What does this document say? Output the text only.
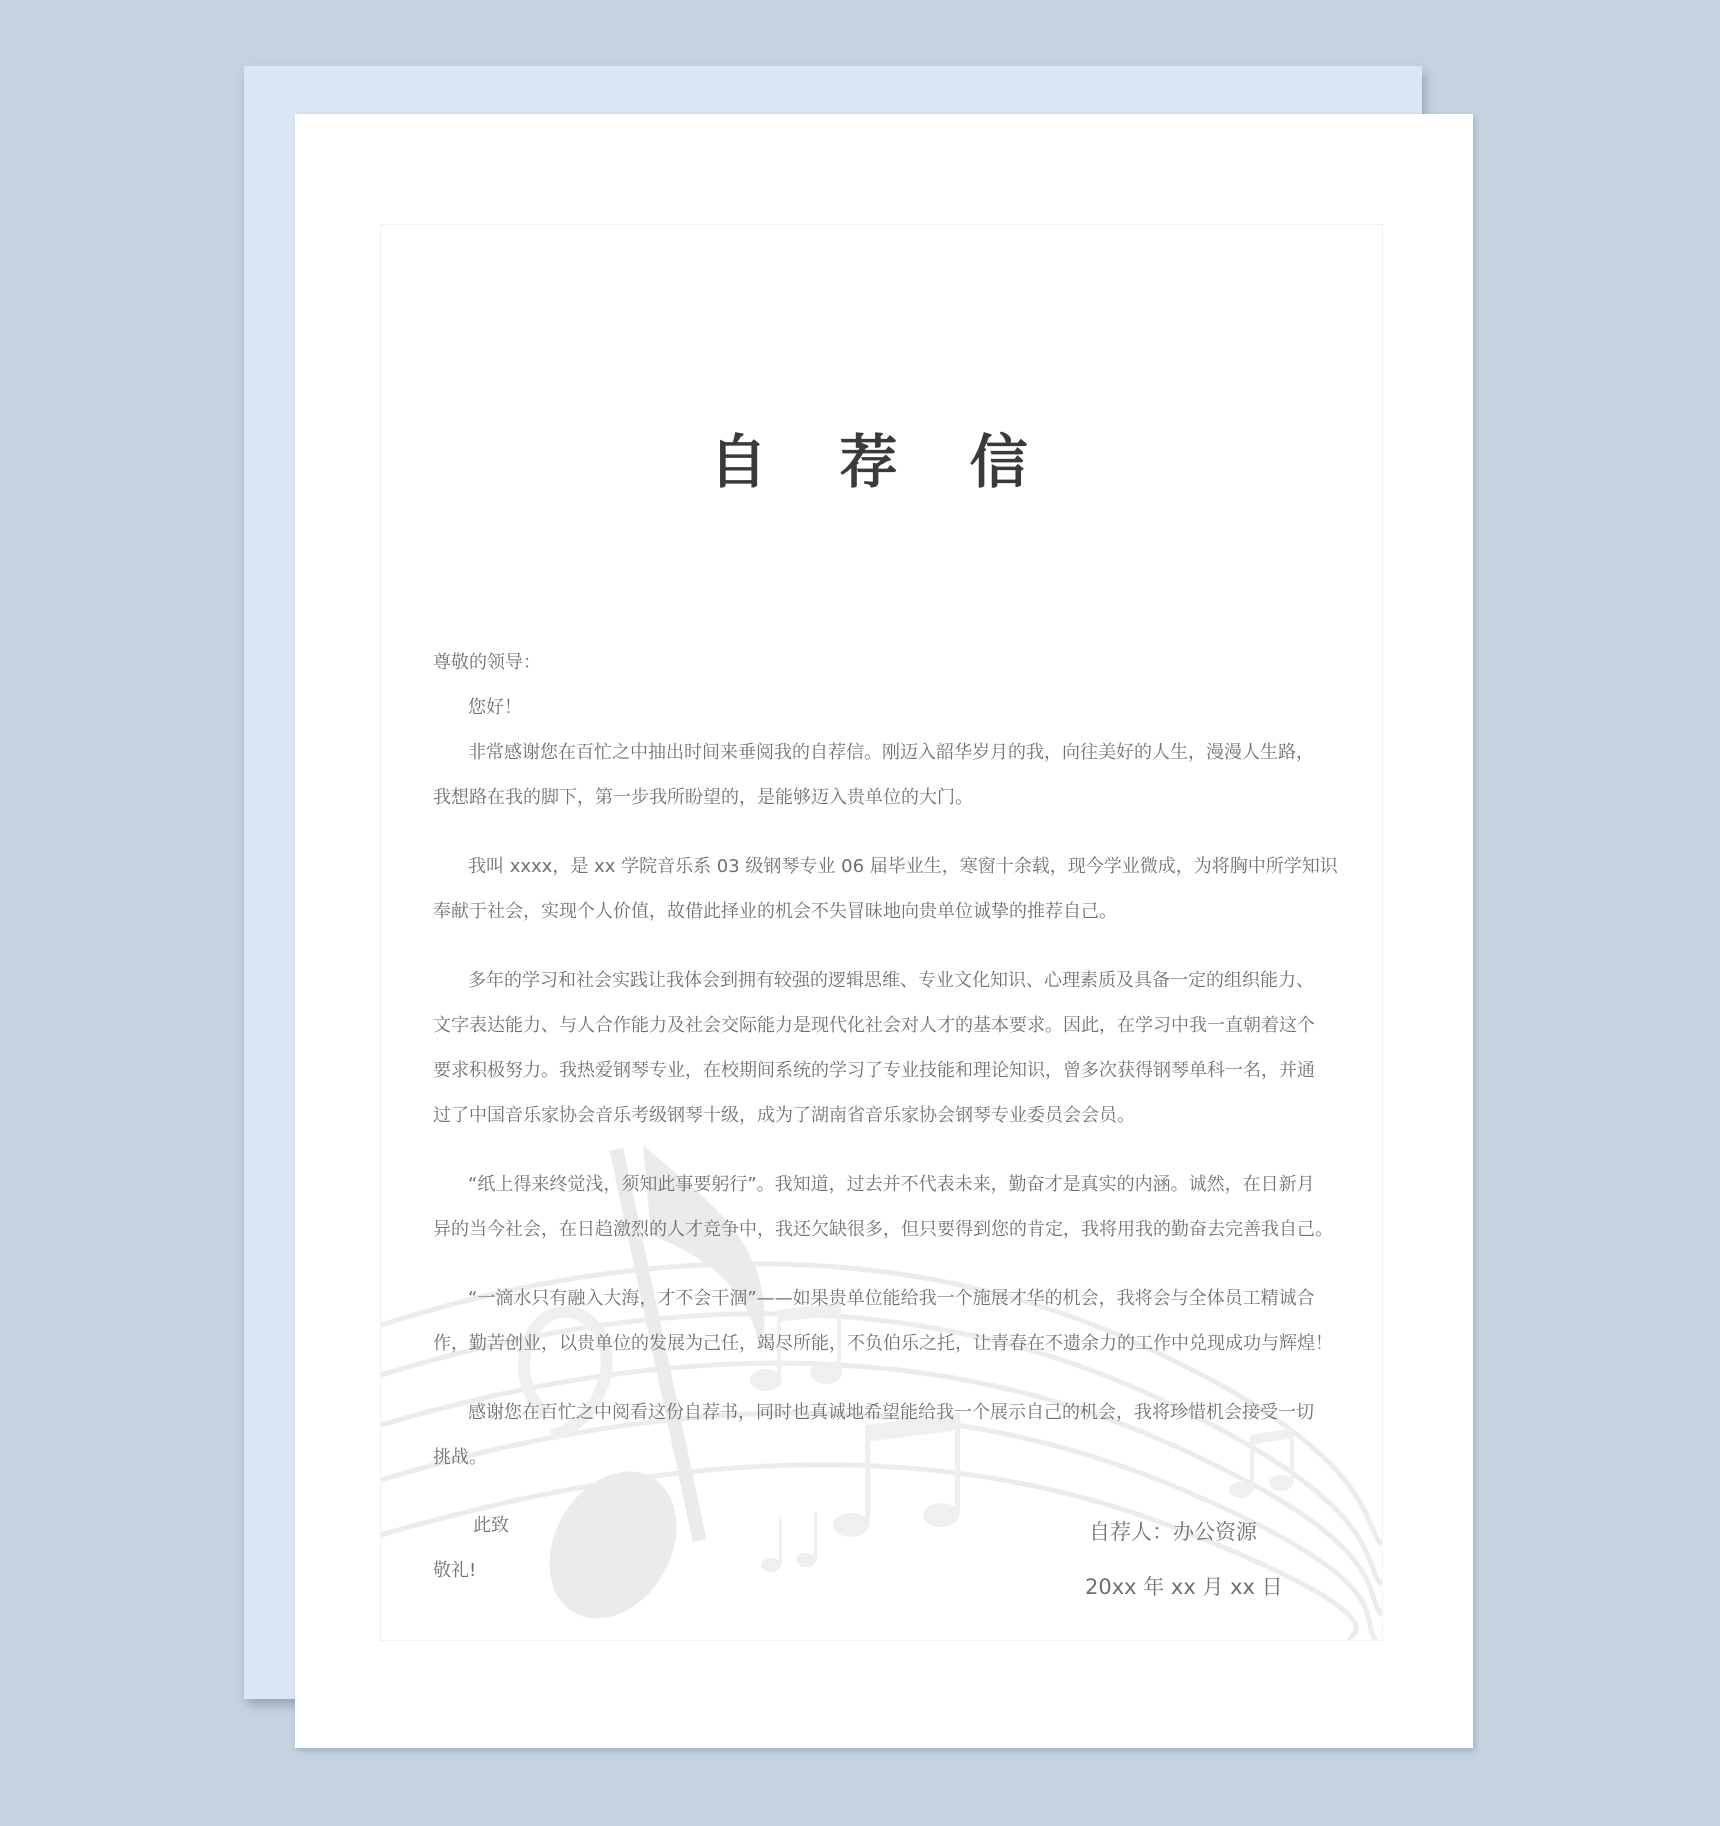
自 荐 信
尊敬的领导：
您好！
非常感谢您在百忙之中抽出时间来垂阅我的自荐信。刚迈入韶华岁月的我，向往美好的人生，漫漫人生路，
我想路在我的脚下，第一步我所盼望的，是能够迈入贵单位的大门。
我叫 xxxx，是 xx 学院音乐系 03 级钢琴专业 06 届毕业生，寒窗十余载，现今学业微成，为将胸中所学知识
奉献于社会，实现个人价值，故借此择业的机会不失冒昧地向贵单位诚挚的推荐自己。
多年的学习和社会实践让我体会到拥有较强的逻辑思维、专业文化知识、心理素质及具备一定的组织能力、
文字表达能力、与人合作能力及社会交际能力是现代化社会对人才的基本要求。因此，在学习中我一直朝着这个
要求积极努力。我热爱钢琴专业，在校期间系统的学习了专业技能和理论知识，曾多次获得钢琴单科一名，并通
过了中国音乐家协会音乐考级钢琴十级，成为了湖南省音乐家协会钢琴专业委员会会员。
“纸上得来终觉浅，须知此事要躬行”。我知道，过去并不代表未来，勤奋才是真实的内涵。诚然，在日新月
异的当今社会，在日趋激烈的人才竞争中，我还欠缺很多，但只要得到您的肯定，我将用我的勤奋去完善我自己。
“一滴水只有融入大海，才不会干涸”——如果贵单位能给我一个施展才华的机会，我将会与全体员工精诚合
作，勤苦创业，以贵单位的发展为己任，竭尽所能，不负伯乐之托，让青春在不遗余力的工作中兑现成功与辉煌！
感谢您在百忙之中阅看这份自荐书，同时也真诚地希望能给我一个展示自己的机会，我将珍惜机会接受一切
挑战。
此致
敬礼!
自荐人：办公资源
20xx 年 xx 月 xx 日
